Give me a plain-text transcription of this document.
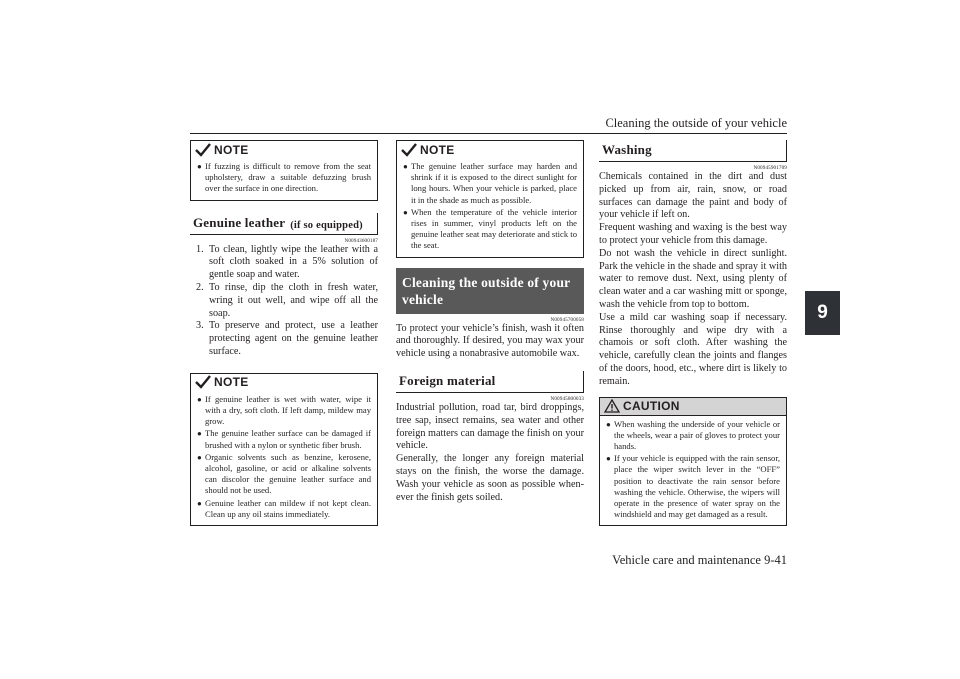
Cleaning the outside of your vehicle
9
Vehicle care and maintenance 9-41
NOTE
● If fuzzing is difficult to remove from the seat upholstery, draw a suitable defuzzing brush over the surface in one direction.
Genuine leather (if so equipped)
N00943600187
1. To clean, lightly wipe the leather with a soft cloth soaked in a 5% solution of gentle soap and water.
2. To rinse, dip the cloth in fresh water, wring it out well, and wipe off all the soap.
3. To preserve and protect, use a leather protecting agent on the genuine leather surface.
NOTE
● If genuine leather is wet with water, wipe it with a dry, soft cloth. If left damp, mildew may grow.
● The genuine leather surface can be damaged if brushed with a nylon or synthetic fiber brush.
● Organic solvents such as benzine, kerosene, alcohol, gasoline, or acid or alkaline solvents can discolor the genuine leather surface and should not be used.
● Genuine leather can mildew if not kept clean. Clean up any oil stains immediately.
NOTE
● The genuine leather surface may harden and shrink if it is exposed to the direct sunlight for long hours. When your vehicle is parked, place it in the shade as much as possible.
● When the temperature of the vehicle interior rises in summer, vinyl products left on the genuine leather seat may deteriorate and stick to the seat.
Cleaning the outside of your vehicle
N00945700058
To protect your vehicle’s finish, wash it often and thoroughly. If desired, you may wax your vehicle using a nonabrasive automobile wax.
Foreign material
N00945800033
Industrial pollution, road tar, bird droppings, tree sap, insect remains, sea water and other foreign matters can damage the finish on your vehicle.
Generally, the longer any foreign material stays on the finish, the worse the damage. Wash your vehicle as soon as possible when-ever the finish gets soiled.
Washing
N00945901709
Chemicals contained in the dirt and dust picked up from air, rain, snow, or road surfaces can damage the paint and body of your vehicle if left on.
Frequent washing and waxing is the best way to protect your vehicle from this damage.
Do not wash the vehicle in direct sunlight. Park the vehicle in the shade and spray it with water to remove dust. Next, using plenty of clean water and a car washing mitt or sponge, wash the vehicle from top to bottom.
Use a mild car washing soap if necessary. Rinse thoroughly and wipe dry with a chamois or soft cloth. After washing the vehicle, carefully clean the joints and flanges of the doors, hood, etc., where dirt is likely to remain.
CAUTION
● When washing the underside of your vehicle or the wheels, wear a pair of gloves to protect your hands.
● If your vehicle is equipped with the rain sensor, place the wiper switch lever in the “OFF” position to deactivate the rain sensor before washing the vehicle. Otherwise, the wipers will operate in the presence of water spray on the windshield and may get damaged as a result.
